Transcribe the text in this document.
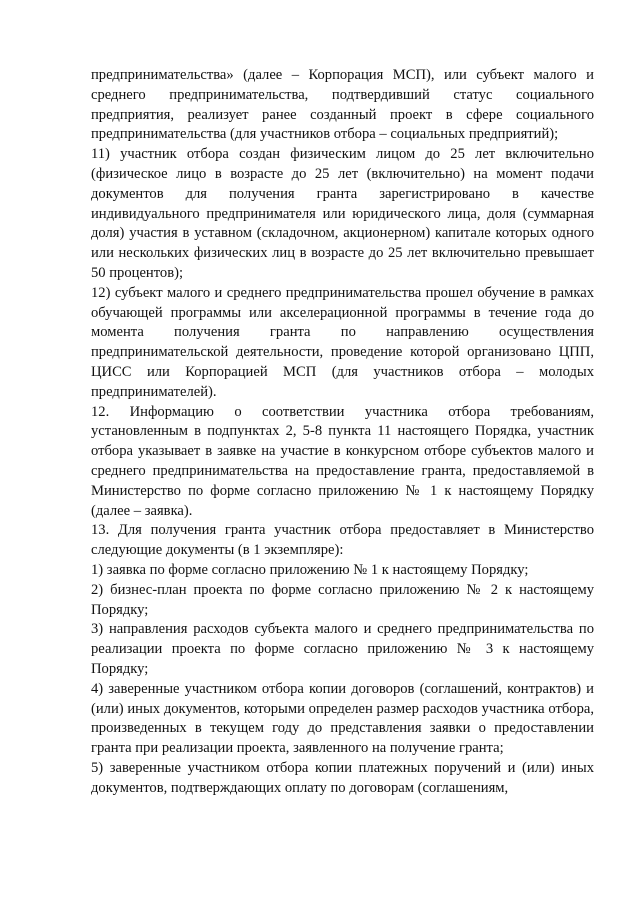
предпринимательства» (далее – Корпорация МСП), или субъект малого и среднего предпринимательства, подтвердивший статус социального предприятия, реализует ранее созданный проект в сфере социального предпринимательства (для участников отбора – социальных предприятий);

11) участник отбора создан физическим лицом до 25 лет включительно (физическое лицо в возрасте до 25 лет (включительно) на момент подачи документов для получения гранта зарегистрировано в качестве индивидуального предпринимателя или юридического лица, доля (суммарная доля) участия в уставном (складочном, акционерном) капитале которых одного или нескольких физических лиц в возрасте до 25 лет включительно превышает 50 процентов);

12) субъект малого и среднего предпринимательства прошел обучение в рамках обучающей программы или акселерационной программы в течение года до момента получения гранта по направлению осуществления предпринимательской деятельности, проведение которой организовано ЦПП, ЦИСС или Корпорацией МСП (для участников отбора – молодых предпринимателей).

12. Информацию о соответствии участника отбора требованиям, установленным в подпунктах 2, 5-8 пункта 11 настоящего Порядка, участник отбора указывает в заявке на участие в конкурсном отборе субъектов малого и среднего предпринимательства на предоставление гранта, предоставляемой в Министерство по форме согласно приложению № 1 к настоящему Порядку (далее – заявка).

13. Для получения гранта участник отбора предоставляет в Министерство следующие документы (в 1 экземпляре):

1) заявка по форме согласно приложению № 1 к настоящему Порядку;

2) бизнес-план проекта по форме согласно приложению № 2 к настоящему Порядку;

3) направления расходов субъекта малого и среднего предпринимательства по реализации проекта по форме согласно приложению № 3 к настоящему Порядку;

4) заверенные участником отбора копии договоров (соглашений, контрактов) и (или) иных документов, которыми определен размер расходов участника отбора, произведенных в текущем году до представления заявки о предоставлении гранта при реализации проекта, заявленного на получение гранта;

5) заверенные участником отбора копии платежных поручений и (или) иных документов, подтверждающих оплату по договорам (соглашениям,
